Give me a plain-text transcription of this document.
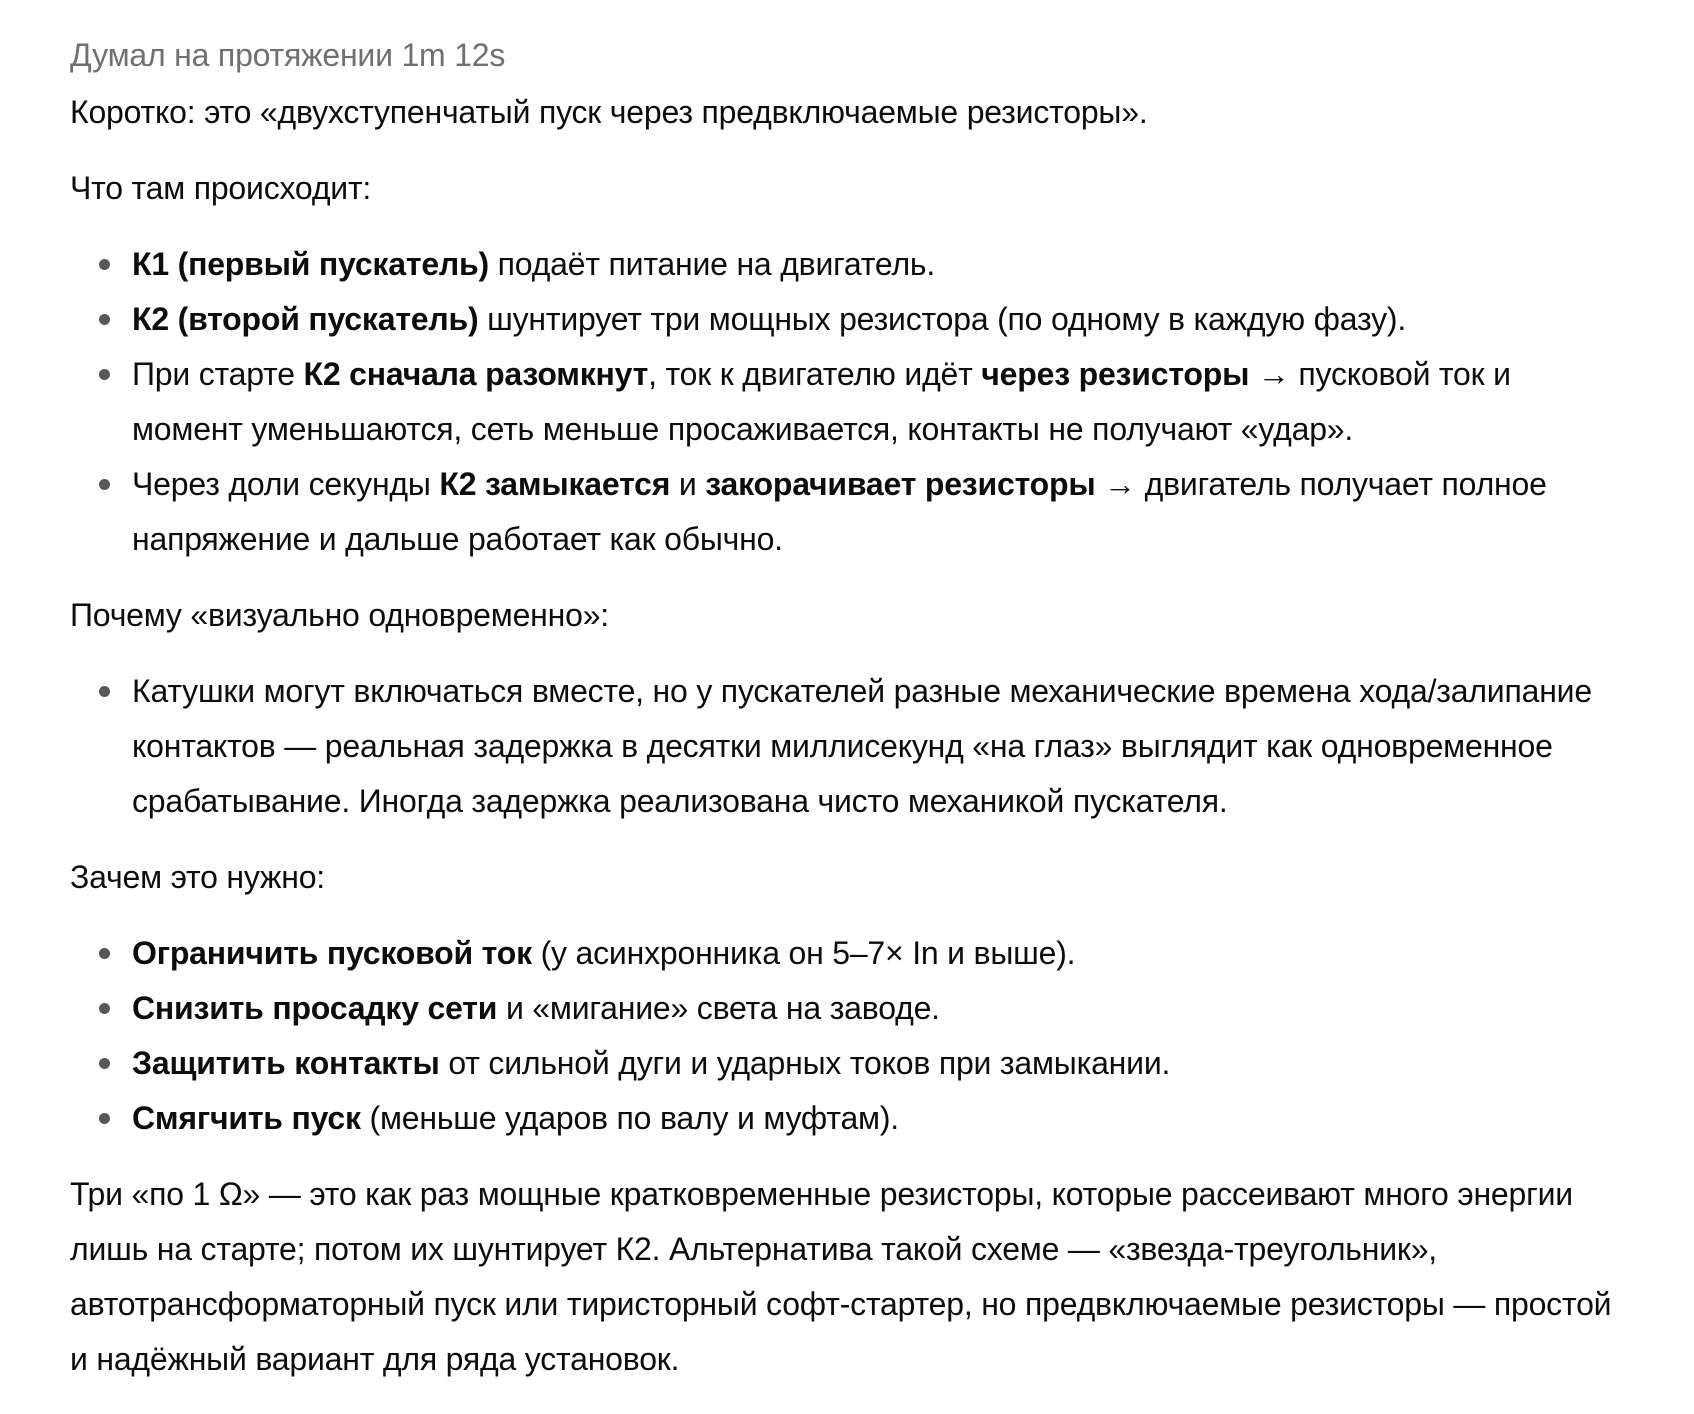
Думал на протяжении 1m 12s

Коротко: это «двухступенчатый пуск через предвключаемые резисторы».

Что там происходит:

К1 (первый пускатель) подаёт питание на двигатель.
К2 (второй пускатель) шунтирует три мощных резистора (по одному в каждую фазу).
При старте К2 сначала разомкнут, ток к двигателю идёт через резисторы → пусковой ток и момент уменьшаются, сеть меньше просаживается, контакты не получают «удар».
Через доли секунды К2 замыкается и закорачивает резисторы → двигатель получает полное напряжение и дальше работает как обычно.

Почему «визуально одновременно»:

Катушки могут включаться вместе, но у пускателей разные механические времена хода/залипание контактов — реальная задержка в десятки миллисекунд «на глаз» выглядит как одновременное срабатывание. Иногда задержка реализована чисто механикой пускателя.

Зачем это нужно:

Ограничить пусковой ток (у асинхронника он 5–7× In и выше).
Снизить просадку сети и «мигание» света на заводе.
Защитить контакты от сильной дуги и ударных токов при замыкании.
Смягчить пуск (меньше ударов по валу и муфтам).

Три «по 1 Ω» — это как раз мощные кратковременные резисторы, которые рассеивают много энергии лишь на старте; потом их шунтирует К2. Альтернатива такой схеме — «звезда-треугольник», автотрансформаторный пуск или тиристорный софт-стартер, но предвключаемые резисторы — простой и надёжный вариант для ряда установок.
